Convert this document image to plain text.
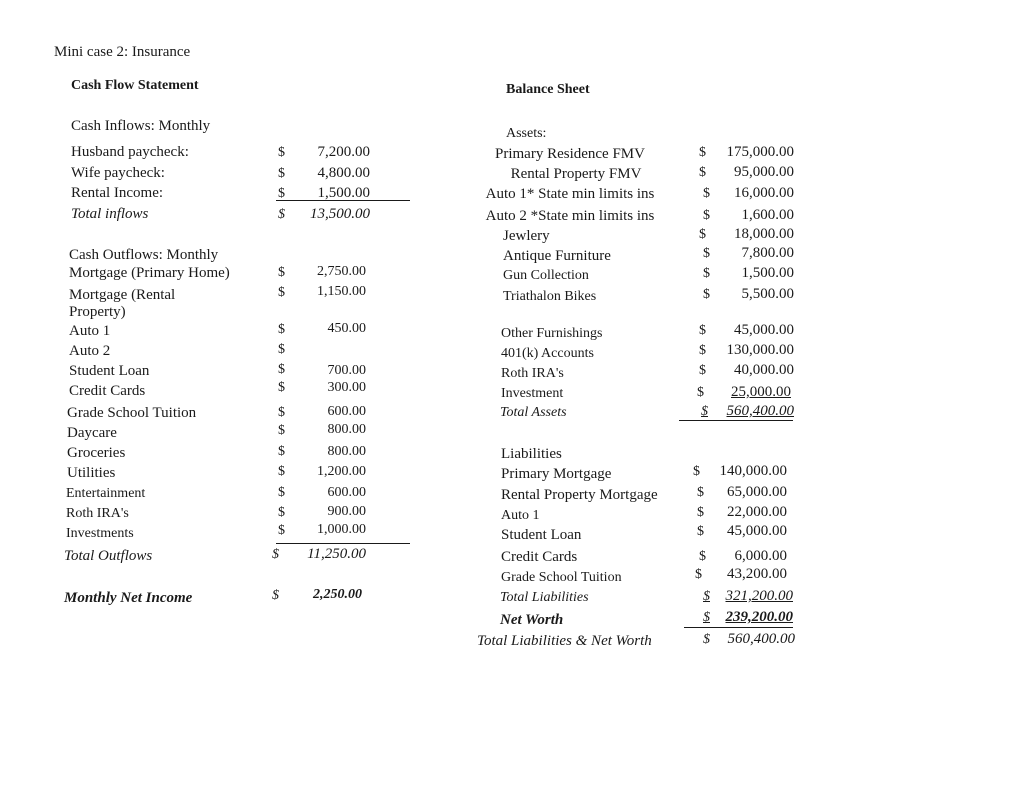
Mini case 2: Insurance
Cash Flow Statement
Cash Inflows: Monthly
Husband paycheck:	$	7,200.00
Wife paycheck:	$	4,800.00
Rental Income:	$	1,500.00
Total inflows	$	13,500.00
Cash Outflows: Monthly
Mortgage (Primary Home)	$	2,750.00
Mortgage (Rental
Property)
$	1,150.00
Auto 1	$	450.00
Auto 2	$
Student Loan	$	700.00
Credit Cards	$	300.00
Grade School Tuition	$	600.00
Daycare	$	800.00
Groceries	$	800.00
Utilities	$	1,200.00
Entertainment	$	600.00
Roth IRA's	$	900.00
Investments	$	1,000.00
Total Outflows	$	11,250.00
Monthly Net Income	$	2,250.00
Balance Sheet
Assets:
Primary Residence FMV	$	175,000.00
Rental Property FMV	$	95,000.00
Auto 1* State min limits ins	$	16,000.00
Auto 2 *State min limits ins	$	1,600.00
Jewlery	$	18,000.00
Antique Furniture	$	7,800.00
Gun Collection	$	1,500.00
Triathalon Bikes	$	5,500.00
Other Furnishings	$	45,000.00
401(k) Accounts	$	130,000.00
Roth IRA's	$	40,000.00
Investment	$	25,000.00
Total Assets	$	560,400.00
Liabilities
Primary Mortgage	$	140,000.00
Rental Property Mortgage	$	65,000.00
Auto 1	$	22,000.00
Student Loan	$	45,000.00
Credit Cards	$	6,000.00
Grade School Tuition	$	43,200.00
Total Liabilities	$	321,200.00
Net Worth	$	239,200.00
Total Liabilities & Net Worth	$	560,400.00
